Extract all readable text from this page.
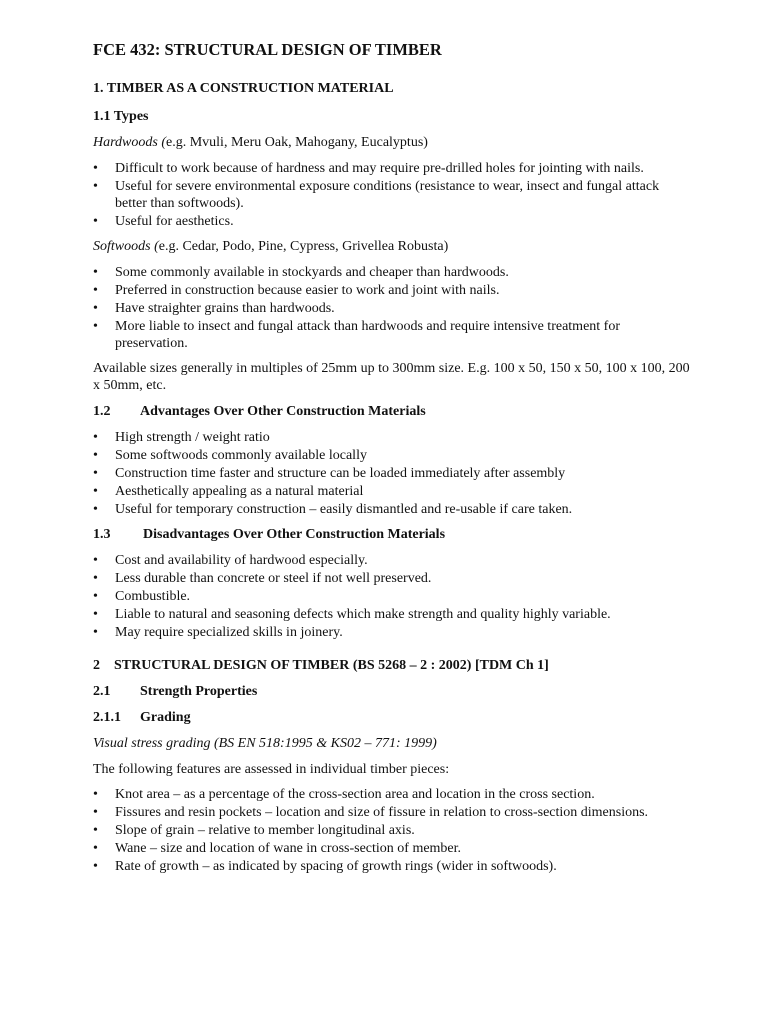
FCE 432: STRUCTURAL DESIGN OF TIMBER
1. TIMBER AS A CONSTRUCTION MATERIAL
1.1 Types

Hardwoods (e.g. Mvuli, Meru Oak, Mahogany, Eucalyptus)

•	Difficult to work because of hardness and may require pre-drilled holes for jointing with nails.
•	Useful for severe environmental exposure conditions (resistance to wear, insect and fungal attack better than softwoods).
•	Useful for aesthetics.

Softwoods (e.g. Cedar, Podo, Pine, Cypress, Grivellea Robusta)

•	Some commonly available in stockyards and cheaper than hardwoods.
•	Preferred in construction because easier to work and joint with nails.
•	Have straighter grains than hardwoods.
•	More liable to insect and fungal attack than hardwoods and require intensive treatment for preservation.

Available sizes generally in multiples of 25mm up to 300mm size. E.g. 100 x 50, 150 x 50, 100 x 100, 200 x 50mm, etc.

1.2 Advantages Over Other Construction Materials
•	High strength / weight ratio
•	Some softwoods commonly available locally
•	Construction time faster and structure can be loaded immediately after assembly
•	Aesthetically appealing as a natural material
•	Useful for temporary construction – easily dismantled and re-usable if care taken.
1.3 Disadvantages Over Other Construction Materials
•	Cost and availability of hardwood especially.
•	Less durable than concrete or steel if not well preserved.
•	Combustible.
•	Liable to natural and seasoning defects which make strength and quality highly variable.
•	May require specialized skills in joinery.
2    STRUCTURAL DESIGN OF TIMBER (BS 5268 – 2 : 2002) [TDM Ch 1]
2.1 Strength Properties
2.1.1 Grading

Visual stress grading (BS EN 518:1995 & KS02 – 771: 1999)

The following features are assessed in individual timber pieces:

•	Knot area – as a percentage of the cross-section area and location in the cross section.
•	Fissures and resin pockets – location and size of fissure in relation to cross-section dimensions.
•	Slope of grain – relative to member longitudinal axis.
•	Wane – size and location of wane in cross-section of member.
•	Rate of growth – as indicated by spacing of growth rings (wider in softwoods).
